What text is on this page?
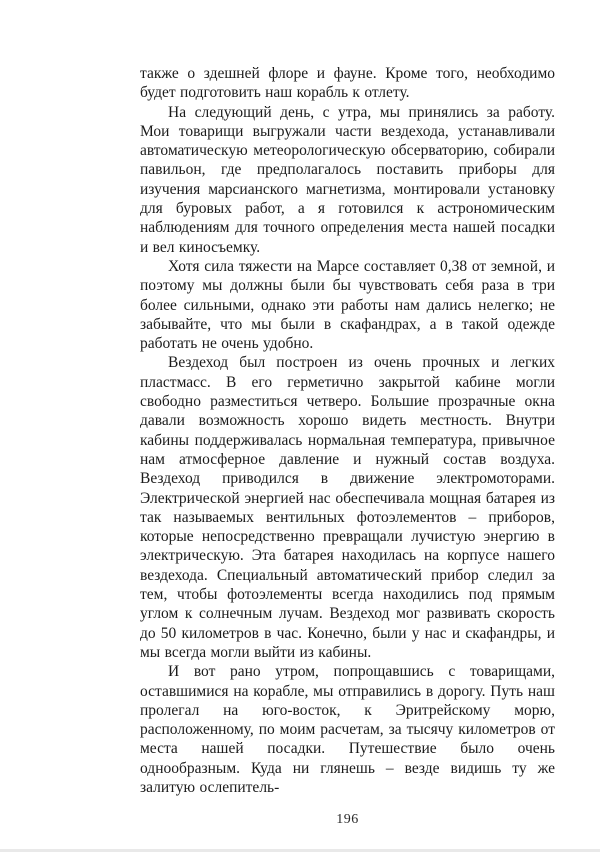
также о здешней флоре и фауне. Кроме того, необходимо будет подготовить наш корабль к отлету.

На следующий день, с утра, мы принялись за работу. Мои товарищи выгружали части вездехода, устанавливали автоматическую метеорологическую обсерваторию, собирали павильон, где предполагалось поставить приборы для изучения марсианского магнетизма, монтировали установку для буровых работ, а я готовился к астрономическим наблюдениям для точного определения места нашей посадки и вел киносъемку.

Хотя сила тяжести на Марсе составляет 0,38 от земной, и поэтому мы должны были бы чувствовать себя раза в три более сильными, однако эти работы нам дались нелегко; не забывайте, что мы были в скафандрах, а в такой одежде работать не очень удобно.

Вездеход был построен из очень прочных и легких пластмасс. В его герметично закрытой кабине могли свободно разместиться четверо. Большие прозрачные окна давали возможность хорошо видеть местность. Внутри кабины поддерживалась нормальная температура, привычное нам атмосферное давление и нужный состав воздуха. Вездеход приводился в движение электромоторами. Электрической энергией нас обеспечивала мощная батарея из так называемых вентильных фотоэлементов – приборов, которые непосредственно превращали лучистую энергию в электрическую. Эта батарея находилась на корпусе нашего вездехода. Специальный автоматический прибор следил за тем, чтобы фотоэлементы всегда находились под прямым углом к солнечным лучам. Вездеход мог развивать скорость до 50 километров в час. Конечно, были у нас и скафандры, и мы всегда могли выйти из кабины.

И вот рано утром, попрощавшись с товарищами, оставшимися на корабле, мы отправились в дорогу. Путь наш пролегал на юго-восток, к Эритрейскому морю, расположенному, по моим расчетам, за тысячу километров от места нашей посадки. Путешествие было очень однообразным. Куда ни глянешь – везде видишь ту же залитую ослепитель-

196
